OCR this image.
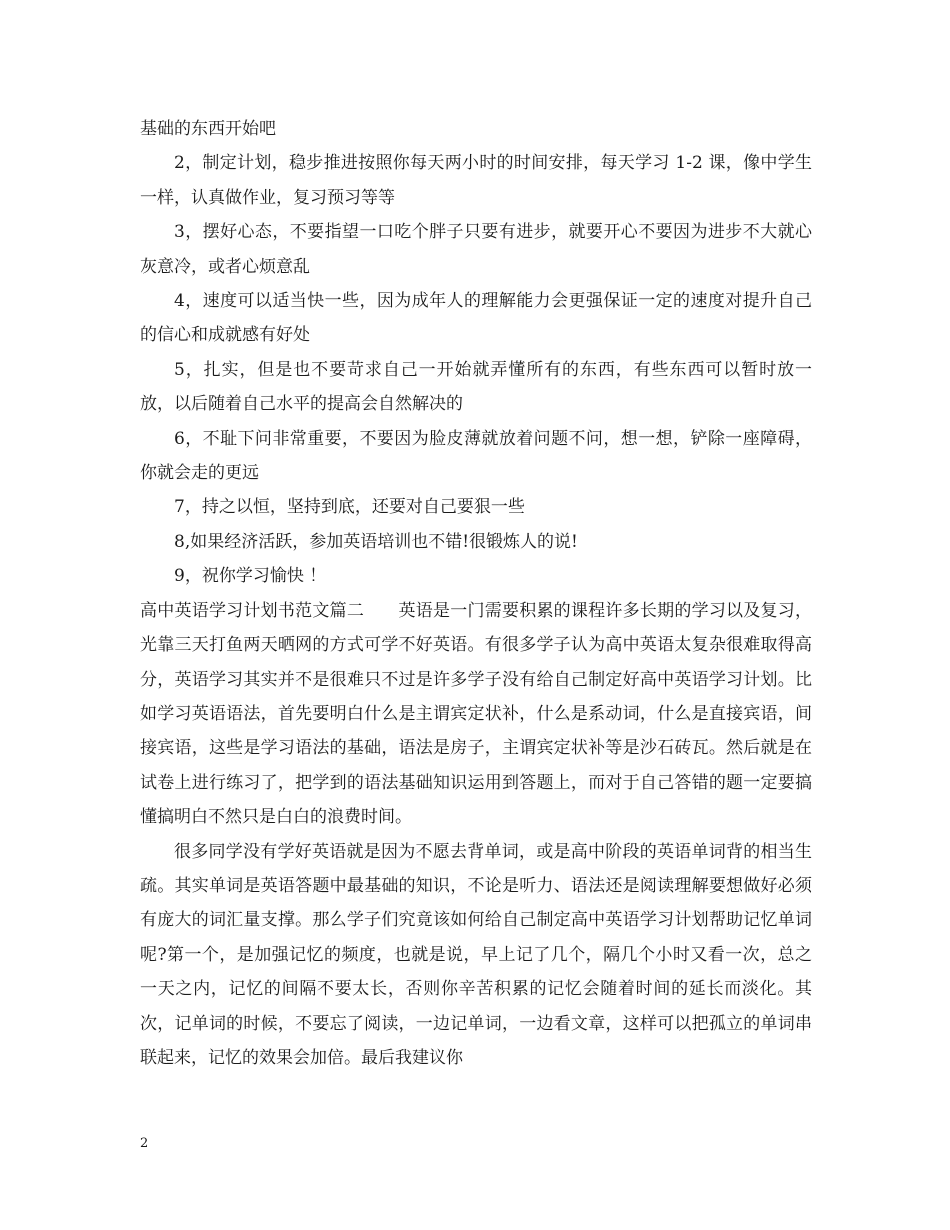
基础的东西开始吧

2，制定计划，稳步推进按照你每天两小时的时间安排，每天学习 1-2 课，像中学生一样，认真做作业，复习预习等等

3，摆好心态，不要指望一口吃个胖子只要有进步，就要开心不要因为进步不大就心灰意冷，或者心烦意乱

4，速度可以适当快一些，因为成年人的理解能力会更强保证一定的速度对提升自己的信心和成就感有好处

5，扎实，但是也不要苛求自己一开始就弄懂所有的东西，有些东西可以暂时放一放，以后随着自己水平的提高会自然解决的

6，不耻下问非常重要，不要因为脸皮薄就放着问题不问，想一想，铲除一座障碍，你就会走的更远

7，持之以恒，坚持到底，还要对自己要狠一些

8,如果经济活跃，参加英语培训也不错!很锻炼人的说!

9，祝你学习愉快 ！

高中英语学习计划书范文篇二　　英语是一门需要积累的课程许多长期的学习以及复习，光靠三天打鱼两天晒网的方式可学不好英语。有很多学子认为高中英语太复杂很难取得高分，英语学习其实并不是很难只不过是许多学子没有给自己制定好高中英语学习计划。比如学习英语语法，首先要明白什么是主谓宾定状补，什么是系动词，什么是直接宾语，间接宾语，这些是学习语法的基础，语法是房子，主谓宾定状补等是沙石砖瓦。然后就是在试卷上进行练习了，把学到的语法基础知识运用到答题上，而对于自己答错的题一定要搞懂搞明白不然只是白白的浪费时间。

很多同学没有学好英语就是因为不愿去背单词，或是高中阶段的英语单词背的相当生疏。其实单词是英语答题中最基础的知识，不论是听力、语法还是阅读理解要想做好必须有庞大的词汇量支撑。那么学子们究竟该如何给自己制定高中英语学习计划帮助记忆单词呢?第一个，是加强记忆的频度，也就是说，早上记了几个，隔几个小时又看一次，总之一天之内，记忆的间隔不要太长，否则你辛苦积累的记忆会随着时间的延长而淡化。其次，记单词的时候，不要忘了阅读，一边记单词，一边看文章，这样可以把孤立的单词串联起来，记忆的效果会加倍。最后我建议你

2
